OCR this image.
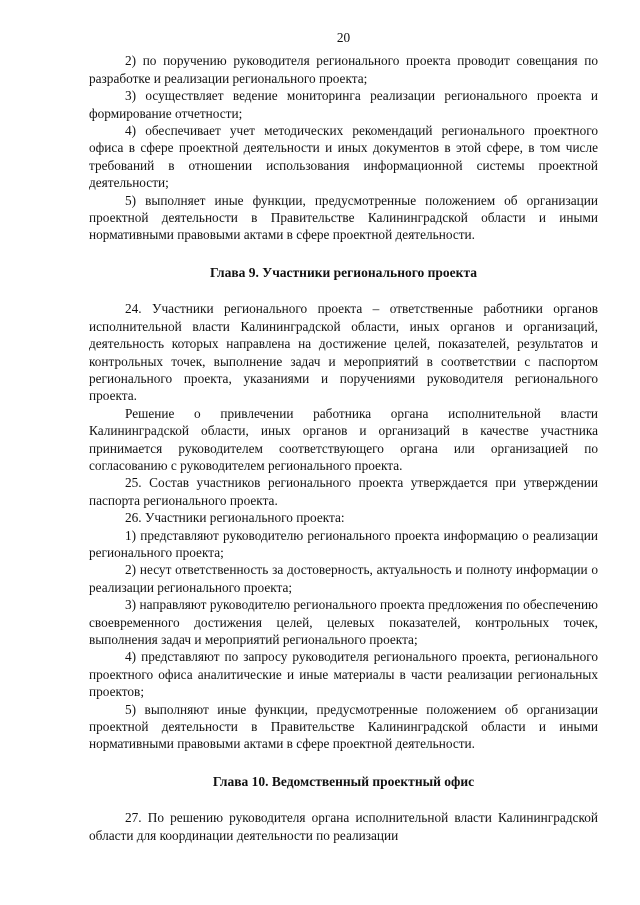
20

2) по поручению руководителя регионального проекта проводит совещания по разработке и реализации регионального проекта;

3) осуществляет ведение мониторинга реализации регионального проекта и формирование отчетности;

4) обеспечивает учет методических рекомендаций регионального проектного офиса в сфере проектной деятельности и иных документов в этой сфере, в том числе требований в отношении использования информационной системы проектной деятельности;

5) выполняет иные функции, предусмотренные положением об организации проектной деятельности в Правительстве Калининградской области и иными нормативными правовыми актами в сфере проектной деятельности.

Глава 9. Участники регионального проекта

24. Участники регионального проекта – ответственные работники органов исполнительной власти Калининградской области, иных органов и организаций, деятельность которых направлена на достижение целей, показателей, результатов и контрольных точек, выполнение задач и мероприятий в соответствии с паспортом регионального проекта, указаниями и поручениями руководителя регионального проекта.

Решение о привлечении работника органа исполнительной власти Калининградской области, иных органов и организаций в качестве участника принимается руководителем соответствующего органа или организацией по согласованию с руководителем регионального проекта.

25. Состав участников регионального проекта утверждается при утверждении паспорта регионального проекта.

26. Участники регионального проекта:

1) представляют руководителю регионального проекта информацию о реализации регионального проекта;

2) несут ответственность за достоверность, актуальность и полноту информации о реализации регионального проекта;

3) направляют руководителю регионального проекта предложения по обеспечению своевременного достижения целей, целевых показателей, контрольных точек, выполнения задач и мероприятий регионального проекта;

4) представляют по запросу руководителя регионального проекта, регионального проектного офиса аналитические и иные материалы в части реализации региональных проектов;

5) выполняют иные функции, предусмотренные положением об организации проектной деятельности в Правительстве Калининградской области и иными нормативными правовыми актами в сфере проектной деятельности.

Глава 10. Ведомственный проектный офис

27. По решению руководителя органа исполнительной власти Калининградской области для координации деятельности по реализации
